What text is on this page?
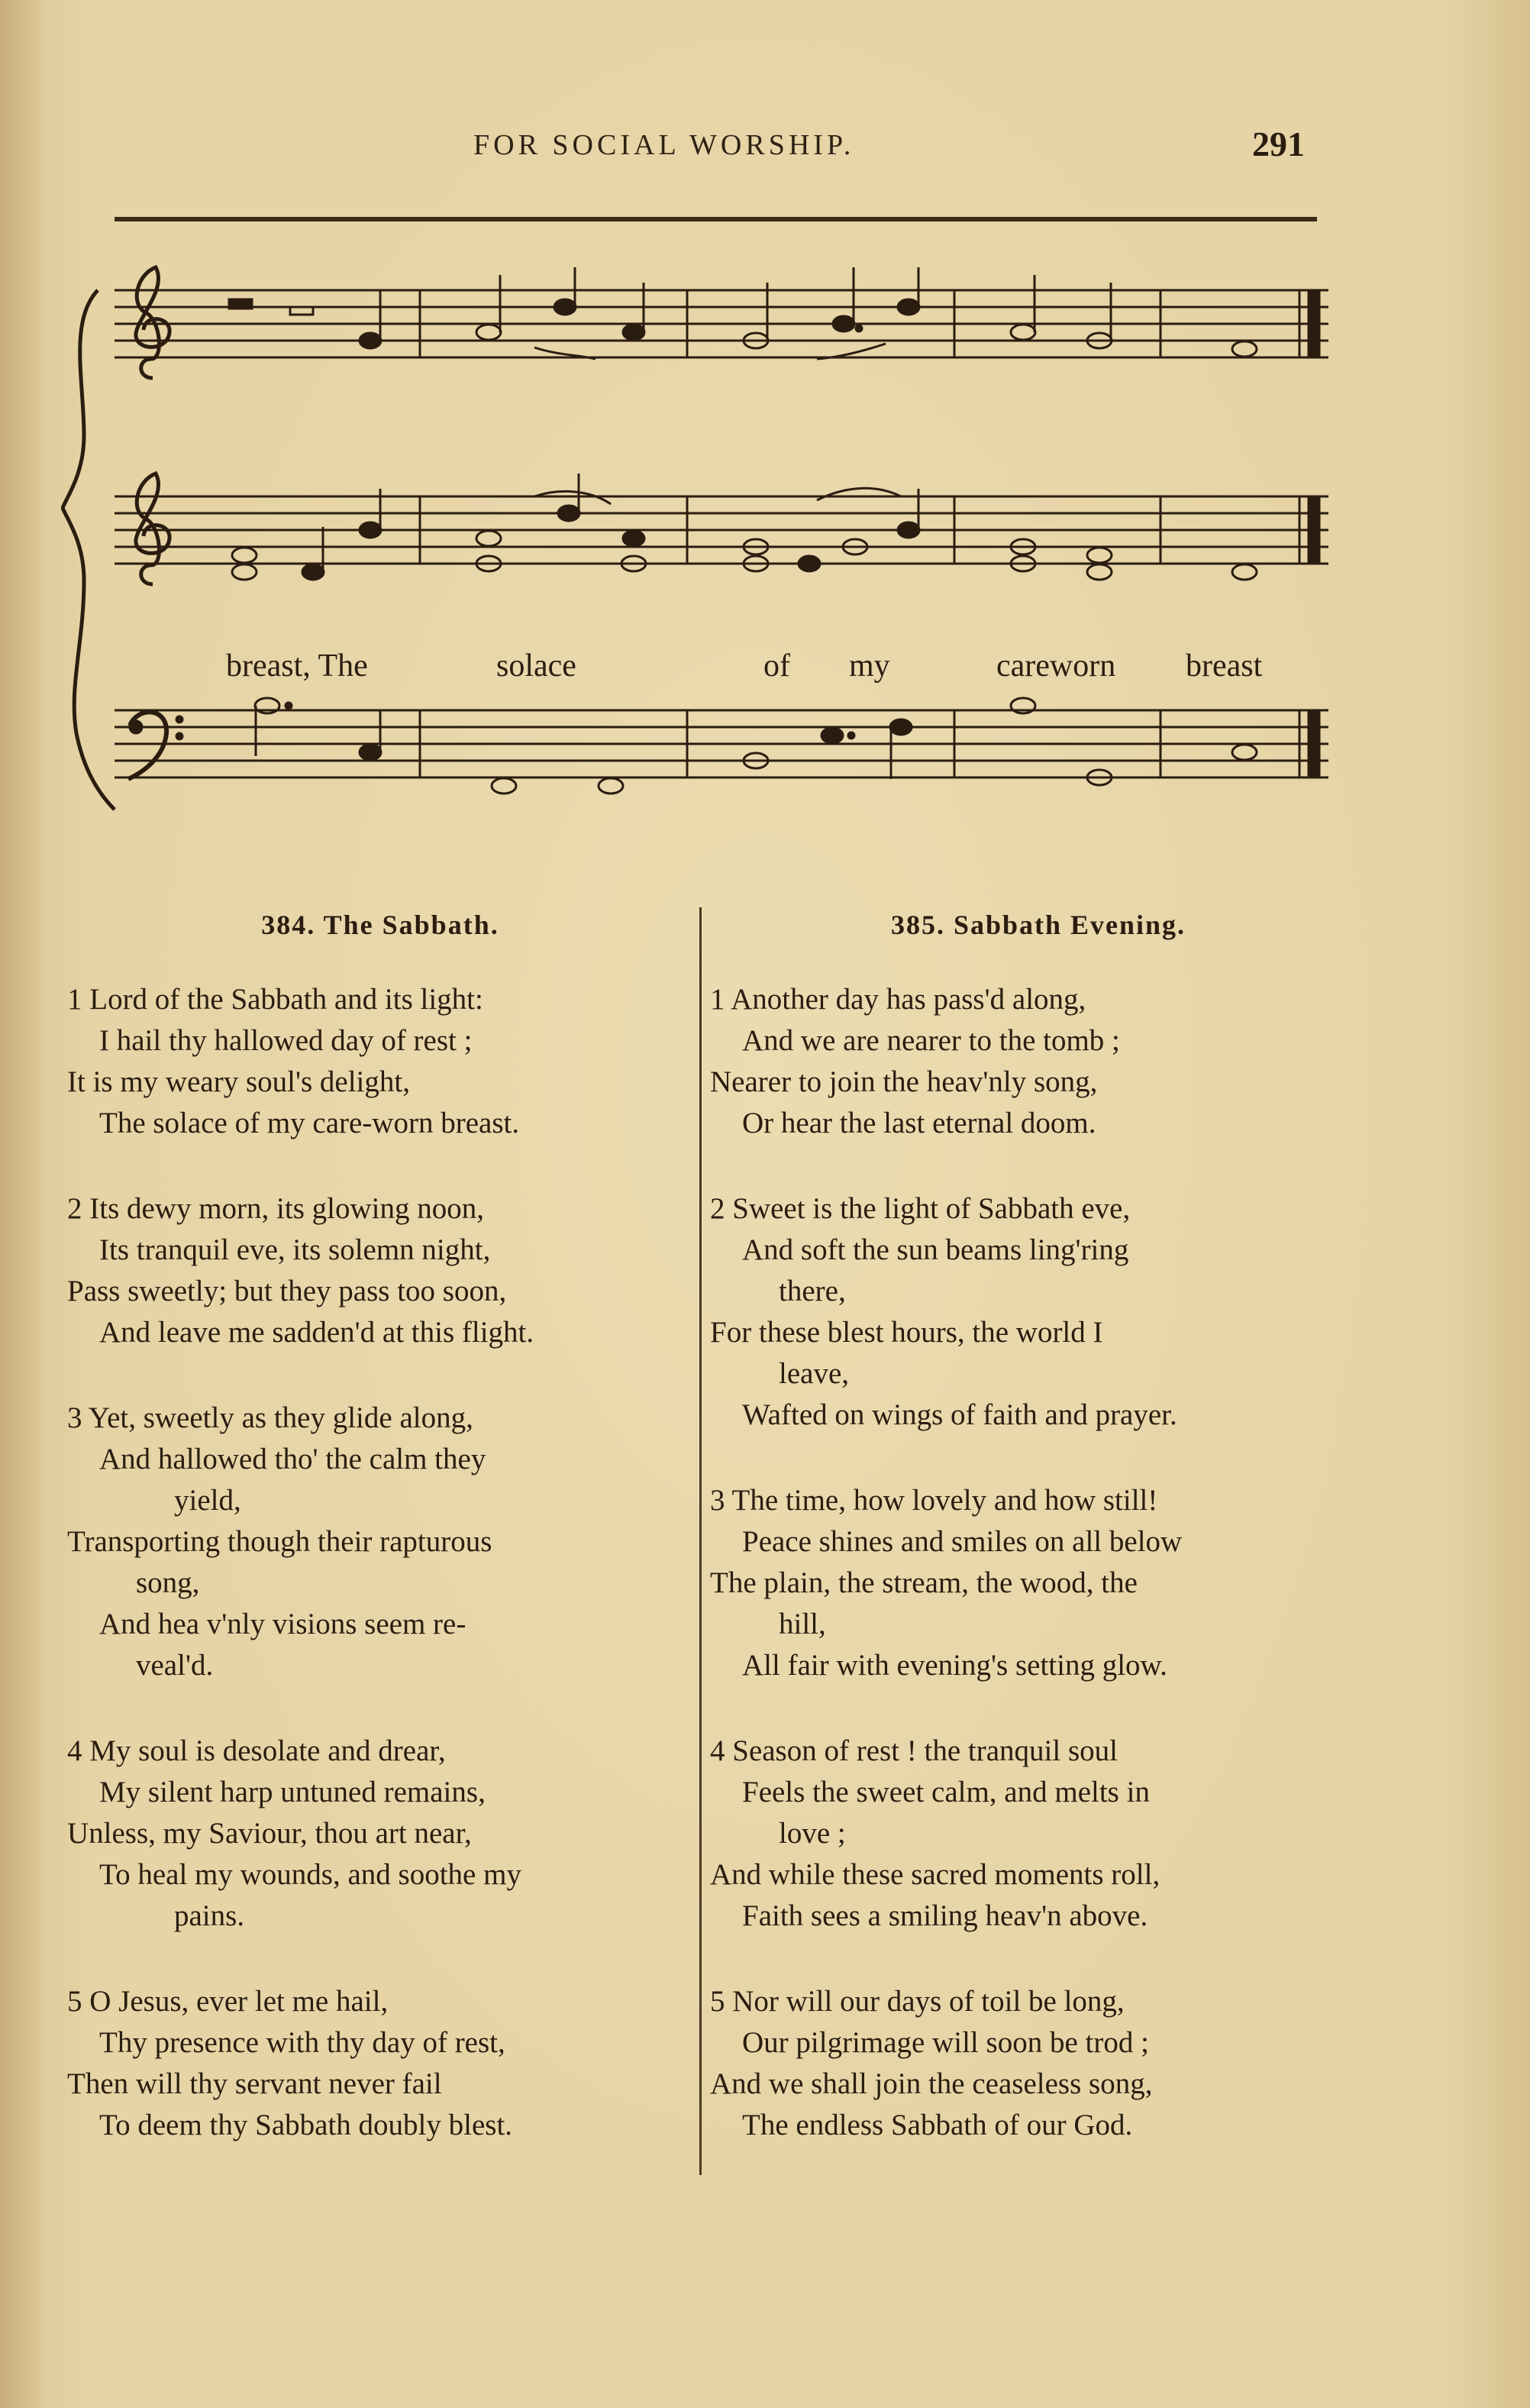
FOR SOCIAL WORSHIP.	291
breast, The	solace	of my	careworn breast
384. The Sabbath.
1 Lord of the Sabbath and its light:
I hail thy hallowed day of rest ;
It is my weary soul's delight,
The solace of my care-worn breast.
2 Its dewy morn, its glowing noon,
Its tranquil eve, its solemn night,
Pass sweetly; but they pass too soon,
And leave me sadden'd at this flight.
3 Yet, sweetly as they glide along,
And hallowed tho' the calm they
yield,
Transporting though their rapturous
song,
And hea v'nly visions seem re-
veal'd.
4 My soul is desolate and drear,
My silent harp untuned remains,
Unless, my Saviour, thou art near,
To heal my wounds, and soothe my
pains.
5 O Jesus, ever let me hail,
Thy presence with thy day of rest,
Then will thy servant never fail
To deem thy Sabbath doubly blest.
385. Sabbath Evening.
1 Another day has pass'd along,
And we are nearer to the tomb ;
Nearer to join the heav'nly song,
Or hear the last eternal doom.
2 Sweet is the light of Sabbath eve,
And soft the sun beams ling'ring
there,
For these blest hours, the world I
leave,
Wafted on wings of faith and prayer.
3 The time, how lovely and how still!
Peace shines and smiles on all below
The plain, the stream, the wood, the
hill,
All fair with evening's setting glow.
4 Season of rest ! the tranquil soul
Feels the sweet calm, and melts in
love ;
And while these sacred moments roll,
Faith sees a smiling heav'n above.
5 Nor will our days of toil be long,
Our pilgrimage will soon be trod ;
And we shall join the ceaseless song,
The endless Sabbath of our God.
